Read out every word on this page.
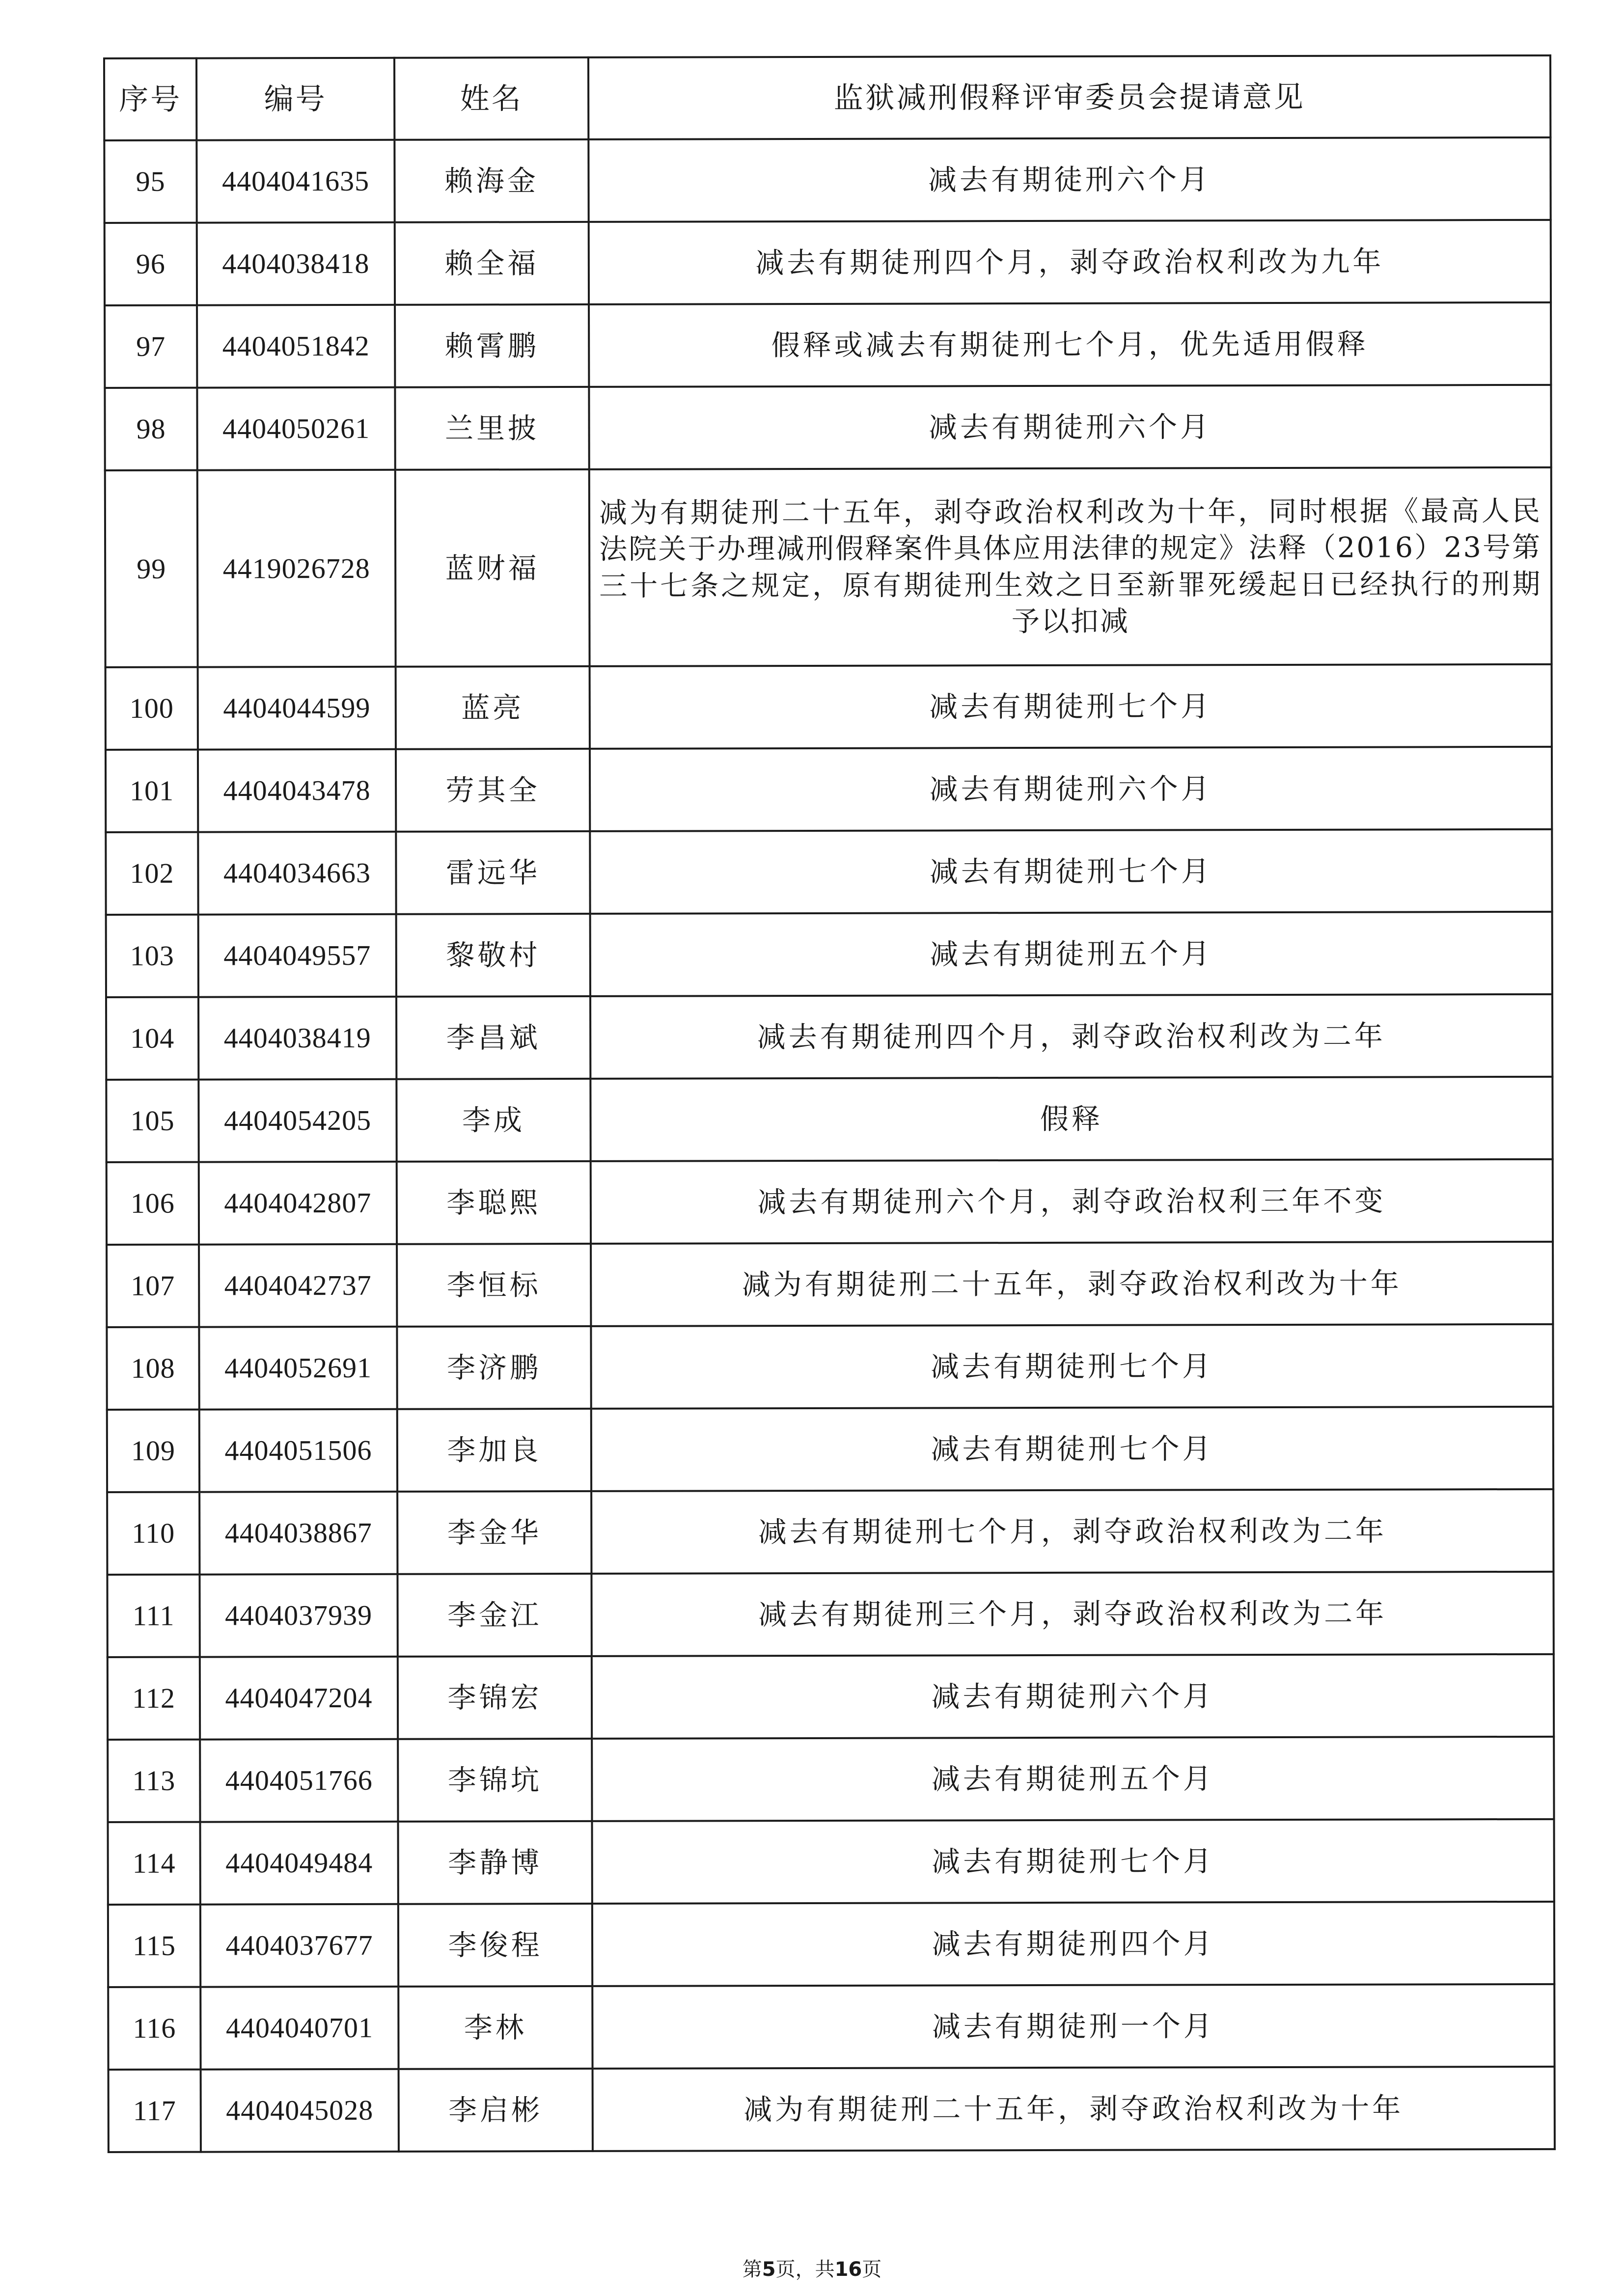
序号	编号	姓名	监狱减刑假释评审委员会提请意见
95	4404041635	赖海金	减去有期徒刑六个月
96	4404038418	赖全福	减去有期徒刑四个月，剥夺政治权利改为九年
97	4404051842	赖霄鹏	假释或减去有期徒刑七个月，优先适用假释
98	4404050261	兰里披	减去有期徒刑六个月
99	4419026728	蓝财福	减为有期徒刑二十五年，剥夺政治权利改为十年，同时根据《最高人民法院关于办理减刑假释案件具体应用法律的规定》法释（2016）23号第三十七条之规定，原有期徒刑生效之日至新罪死缓起日已经执行的刑期予以扣减
100	4404044599	蓝亮	减去有期徒刑七个月
101	4404043478	劳其全	减去有期徒刑六个月
102	4404034663	雷远华	减去有期徒刑七个月
103	4404049557	黎敬村	减去有期徒刑五个月
104	4404038419	李昌斌	减去有期徒刑四个月，剥夺政治权利改为二年
105	4404054205	李成	假释
106	4404042807	李聪熙	减去有期徒刑六个月，剥夺政治权利三年不变
107	4404042737	李恒标	减为有期徒刑二十五年，剥夺政治权利改为十年
108	4404052691	李济鹏	减去有期徒刑七个月
109	4404051506	李加良	减去有期徒刑七个月
110	4404038867	李金华	减去有期徒刑七个月，剥夺政治权利改为二年
111	4404037939	李金江	减去有期徒刑三个月，剥夺政治权利改为二年
112	4404047204	李锦宏	减去有期徒刑六个月
113	4404051766	李锦坑	减去有期徒刑五个月
114	4404049484	李静博	减去有期徒刑七个月
115	4404037677	李俊程	减去有期徒刑四个月
116	4404040701	李林	减去有期徒刑一个月
117	4404045028	李启彬	减为有期徒刑二十五年，剥夺政治权利改为十年
第5页，共16页
